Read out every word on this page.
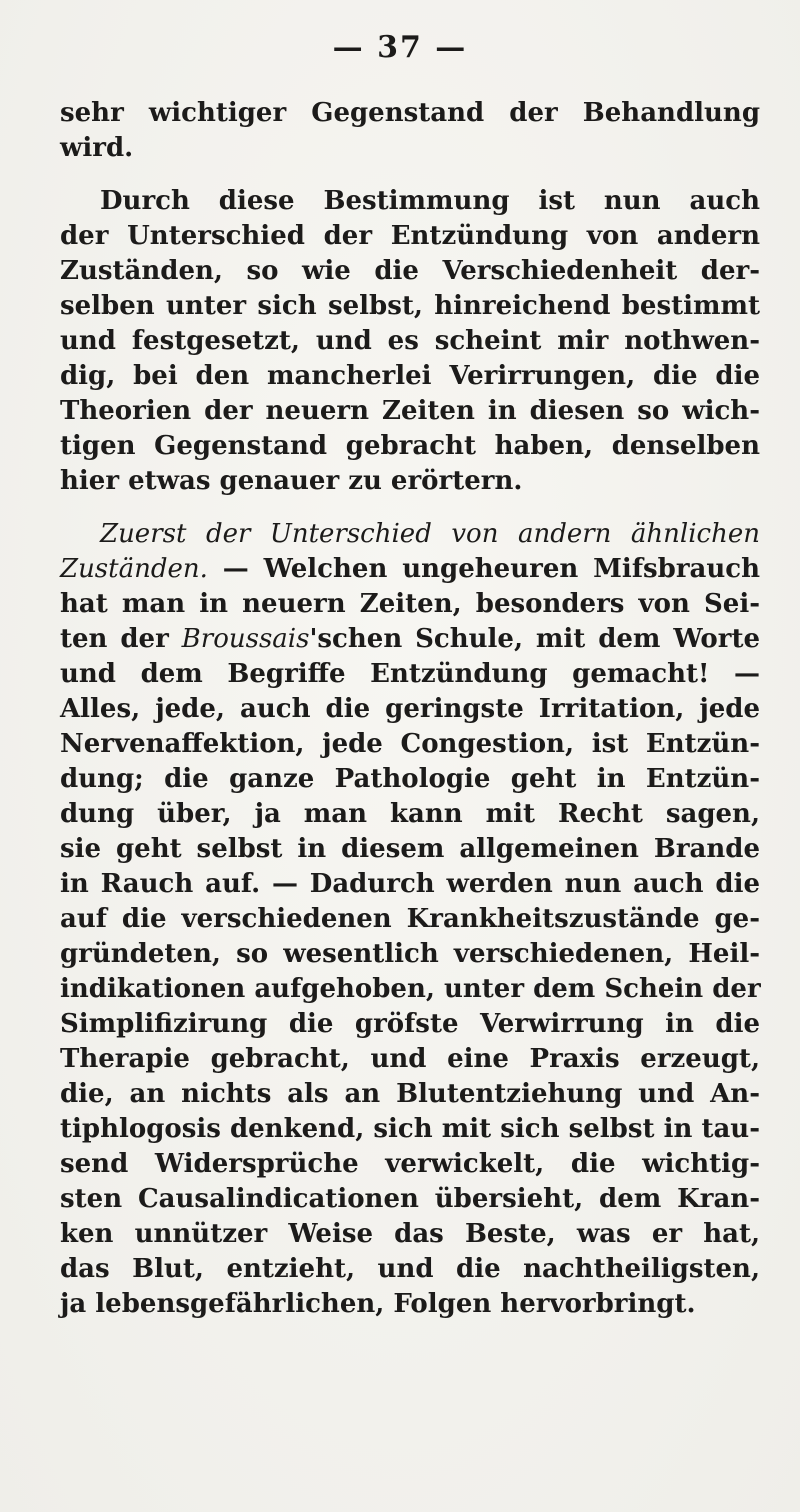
— 37 —
sehr wichtiger Gegenstand der Behandlung
wird.
Durch diese Bestimmung ist nun auch
der Unterschied der Entzündung von andern
Zuständen, so wie die Verschiedenheit der-
selben unter sich selbst, hinreichend bestimmt
und festgesetzt, und es scheint mir nothwen-
dig, bei den mancherlei Verirrungen, die die
Theorien der neuern Zeiten in diesen so wich-
tigen Gegenstand gebracht haben, denselben
hier etwas genauer zu erörtern.
Zuerst der Unterschied von andern ähnlichen
Zuständen. — Welchen ungeheuren Mifsbrauch
hat man in neuern Zeiten, besonders von Sei-
ten der Broussais'schen Schule, mit dem Worte
und dem Begriffe Entzündung gemacht! —
Alles, jede, auch die geringste Irritation, jede
Nervenaffektion, jede Congestion, ist Entzün-
dung; die ganze Pathologie geht in Entzün-
dung über, ja man kann mit Recht sagen,
sie geht selbst in diesem allgemeinen Brande
in Rauch auf. — Dadurch werden nun auch die
auf die verschiedenen Krankheitszustände ge-
gründeten, so wesentlich verschiedenen, Heil-
indikationen aufgehoben, unter dem Schein der
Simplifizirung die gröfste Verwirrung in die
Therapie gebracht, und eine Praxis erzeugt,
die, an nichts als an Blutentziehung und An-
tiphlogosis denkend, sich mit sich selbst in tau-
send Widersprüche verwickelt, die wichtig-
sten Causalindicationen übersieht, dem Kran-
ken unnützer Weise das Beste, was er hat,
das Blut, entzieht, und die nachtheiligsten,
ja lebensgefährlichen, Folgen hervorbringt.
